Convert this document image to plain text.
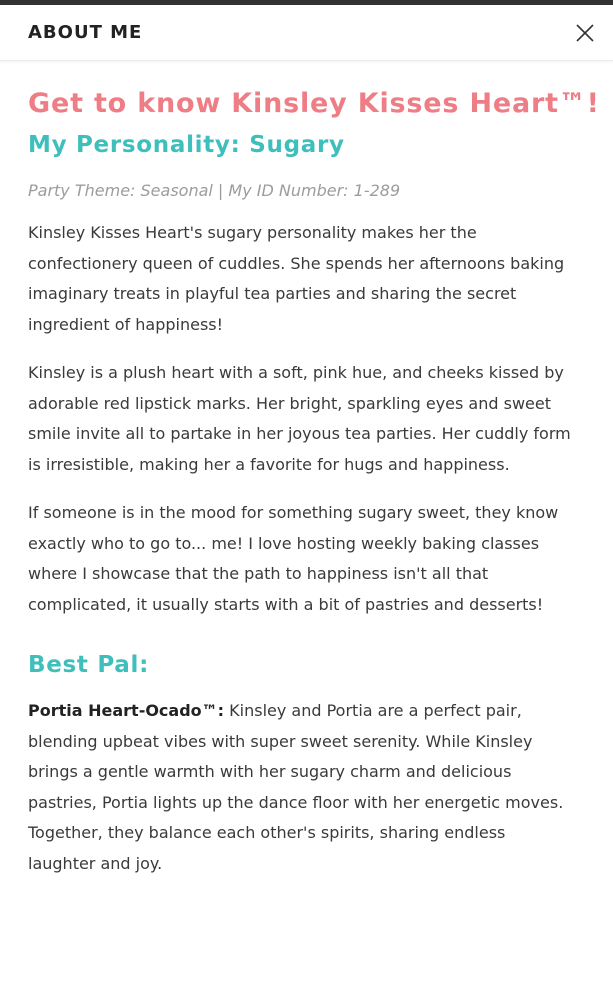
ABOUT ME
Get to know Kinsley Kisses Heart™!
My Personality: Sugary
Party Theme: Seasonal | My ID Number: 1-289

Kinsley Kisses Heart's sugary personality makes her the confectionery queen of cuddles. She spends her afternoons baking imaginary treats in playful tea parties and sharing the secret ingredient of happiness!

Kinsley is a plush heart with a soft, pink hue, and cheeks kissed by adorable red lipstick marks. Her bright, sparkling eyes and sweet smile invite all to partake in her joyous tea parties. Her cuddly form is irresistible, making her a favorite for hugs and happiness.

If someone is in the mood for something sugary sweet, they know exactly who to go to... me! I love hosting weekly baking classes where I showcase that the path to happiness isn't all that complicated, it usually starts with a bit of pastries and desserts!

Best Pal:

Portia Heart-Ocado™: Kinsley and Portia are a perfect pair, blending upbeat vibes with super sweet serenity. While Kinsley brings a gentle warmth with her sugary charm and delicious pastries, Portia lights up the dance floor with her energetic moves. Together, they balance each other's spirits, sharing endless laughter and joy.
